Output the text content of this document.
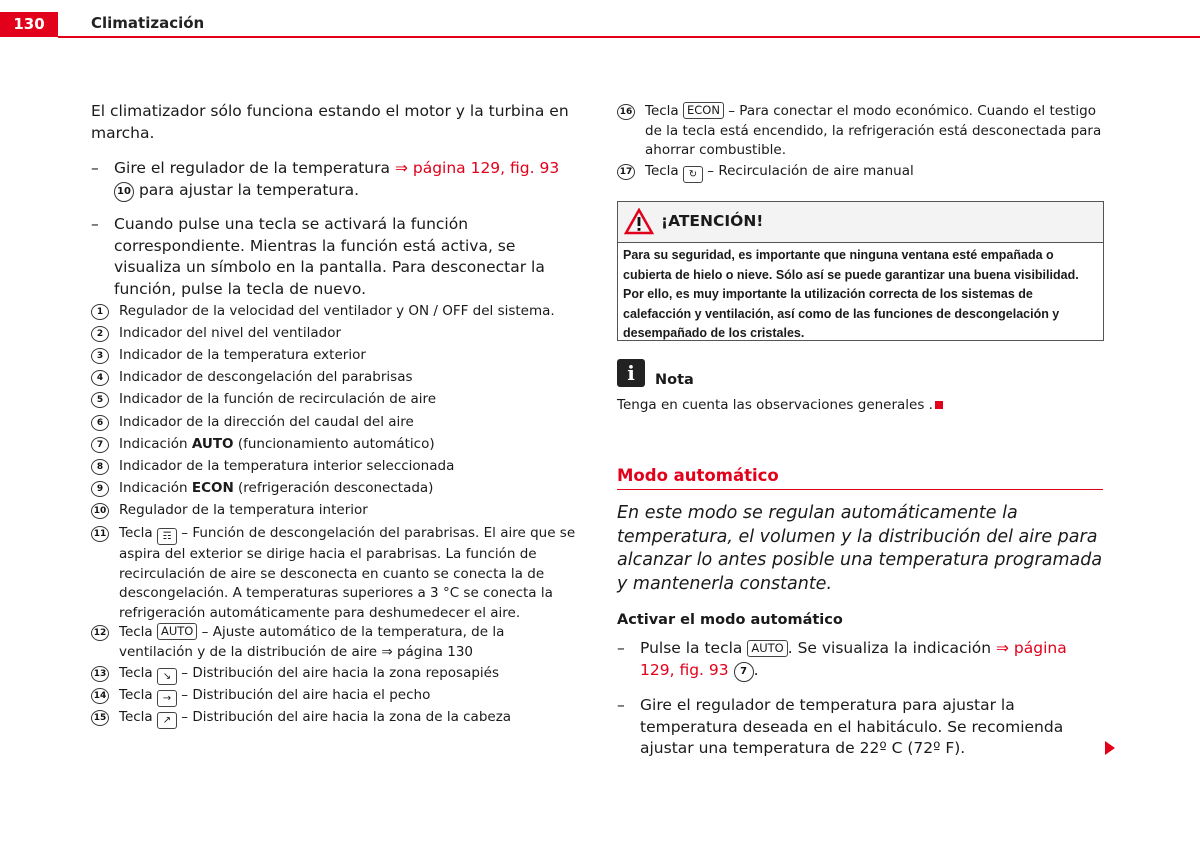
130	Climatización

El climatizador sólo funciona estando el motor y la turbina en marcha.

– Gire el regulador de la temperatura ⇒ página 129, fig. 93 10 para ajustar la temperatura.

– Cuando pulse una tecla se activará la función correspondiente. Mientras la función está activa, se visualiza un símbolo en la pantalla. Para desconectar la función, pulse la tecla de nuevo.

1	Regulador de la velocidad del ventilador y ON / OFF del sistema.
2	Indicador del nivel del ventilador
3	Indicador de la temperatura exterior
4	Indicador de descongelación del parabrisas
5	Indicador de la función de recirculación de aire
6	Indicador de la dirección del caudal del aire
7	Indicación AUTO (funcionamiento automático)
8	Indicador de la temperatura interior seleccionada
9	Indicación ECON (refrigeración desconectada)
10 Regulador de la temperatura interior
11 Tecla ☶ – Función de descongelación del parabrisas. El aire que se aspira del exterior se dirige hacia el parabrisas. La función de recirculación de aire se desconecta en cuanto se conecta la de descongelación. A temperaturas superiores a 3 °C se conecta la refrigeración automáticamente para deshumedecer el aire.
12 Tecla AUTO – Ajuste automático de la temperatura, de la ventilación y de la distribución de aire ⇒ página 130
13 Tecla ↘ – Distribución del aire hacia la zona reposapiés
14 Tecla → – Distribución del aire hacia el pecho
15 Tecla ↗ – Distribución del aire hacia la zona de la cabeza
16 Tecla ECON – Para conectar el modo económico. Cuando el testigo de la tecla está encendido, la refrigeración está desconectada para ahorrar combustible.
17 Tecla ↻ – Recirculación de aire manual
¡ATENCIÓN!
Para su seguridad, es importante que ninguna ventana esté empañada o cubierta de hielo o nieve. Sólo así se puede garantizar una buena visibilidad. Por ello, es muy importante la utilización correcta de los sistemas de calefacción y ventilación, así como de las funciones de descongelación y desempañado de los cristales.
i	Nota
Tenga en cuenta las observaciones generales .
Modo automático
En este modo se regulan automáticamente la temperatura, el volumen y la distribución del aire para alcanzar lo antes posible una temperatura programada y mantenerla constante.
Activar el modo automático

– Pulse la tecla AUTO . Se visualiza la indicación ⇒ página 129, fig. 93 7 .

– Gire el regulador de temperatura para ajustar la temperatura deseada en el habitáculo. Se recomienda ajustar una temperatura de 22º C (72º F).
